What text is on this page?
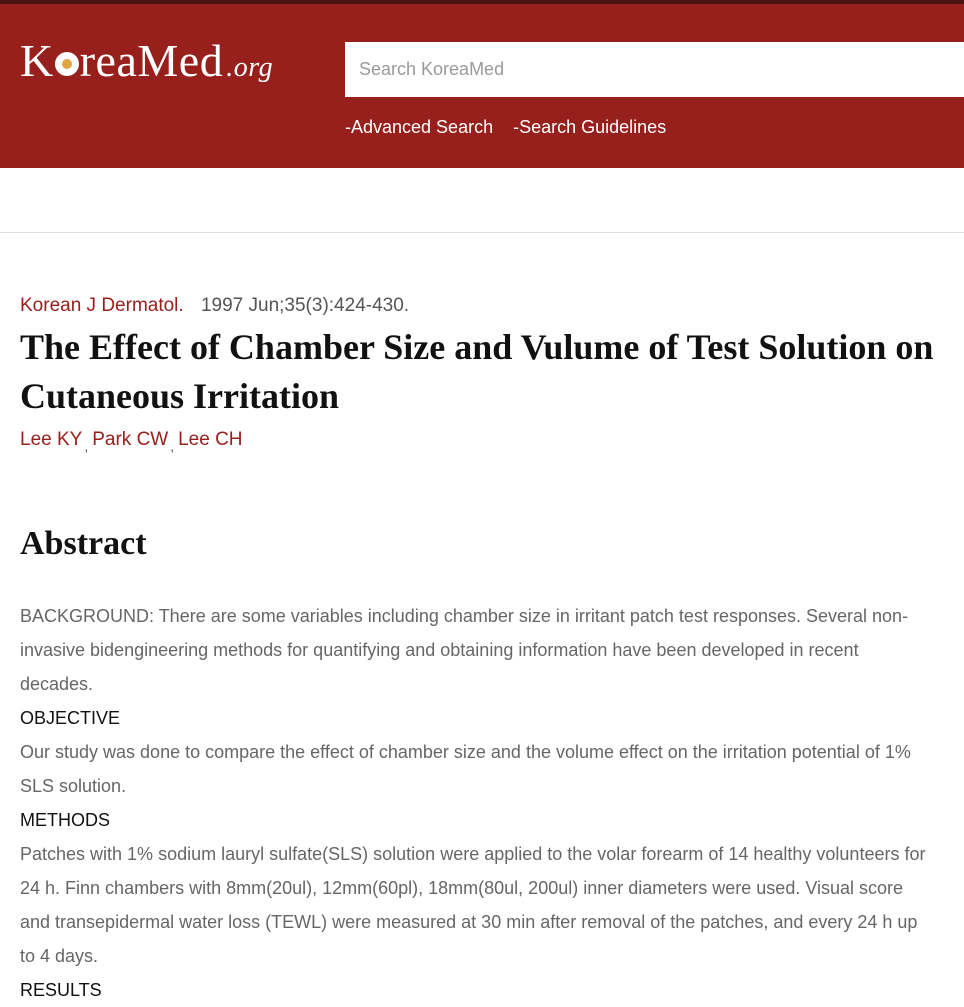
K reaMed .org
Search KoreaMed
-Advanced Search -Search Guidelines
Korean J Dermatol. 1997 Jun;35(3):424-430.
The Effect of Chamber Size and Vulume of Test Solution on Cutaneous Irritation
Lee KY $_,$ Park CW $_,$ Lee CH
Abstract

BACKGROUND: There are some variables including chamber size in irritant patch test responses. Several non-invasive bidengineering methods for quantifying and obtaining information have been developed in recent decades.

OBJECTIVE

Our study was done to compare the effect of chamber size and the volume effect on the irritation potential of 1% SLS solution.

METHODS

Patches with 1% sodium lauryl sulfate(SLS) solution were applied to the volar forearm of 14 healthy volunteers for 24 h. Finn chambers with 8mm(20ul), 12mm(60pl), 18mm(80ul, 200ul) inner diameters were used. Visual score and transepidermal water loss (TEWL) were measured at 30 min after removal of the patches, and every 24 h up to 4 days.

RESULTS
